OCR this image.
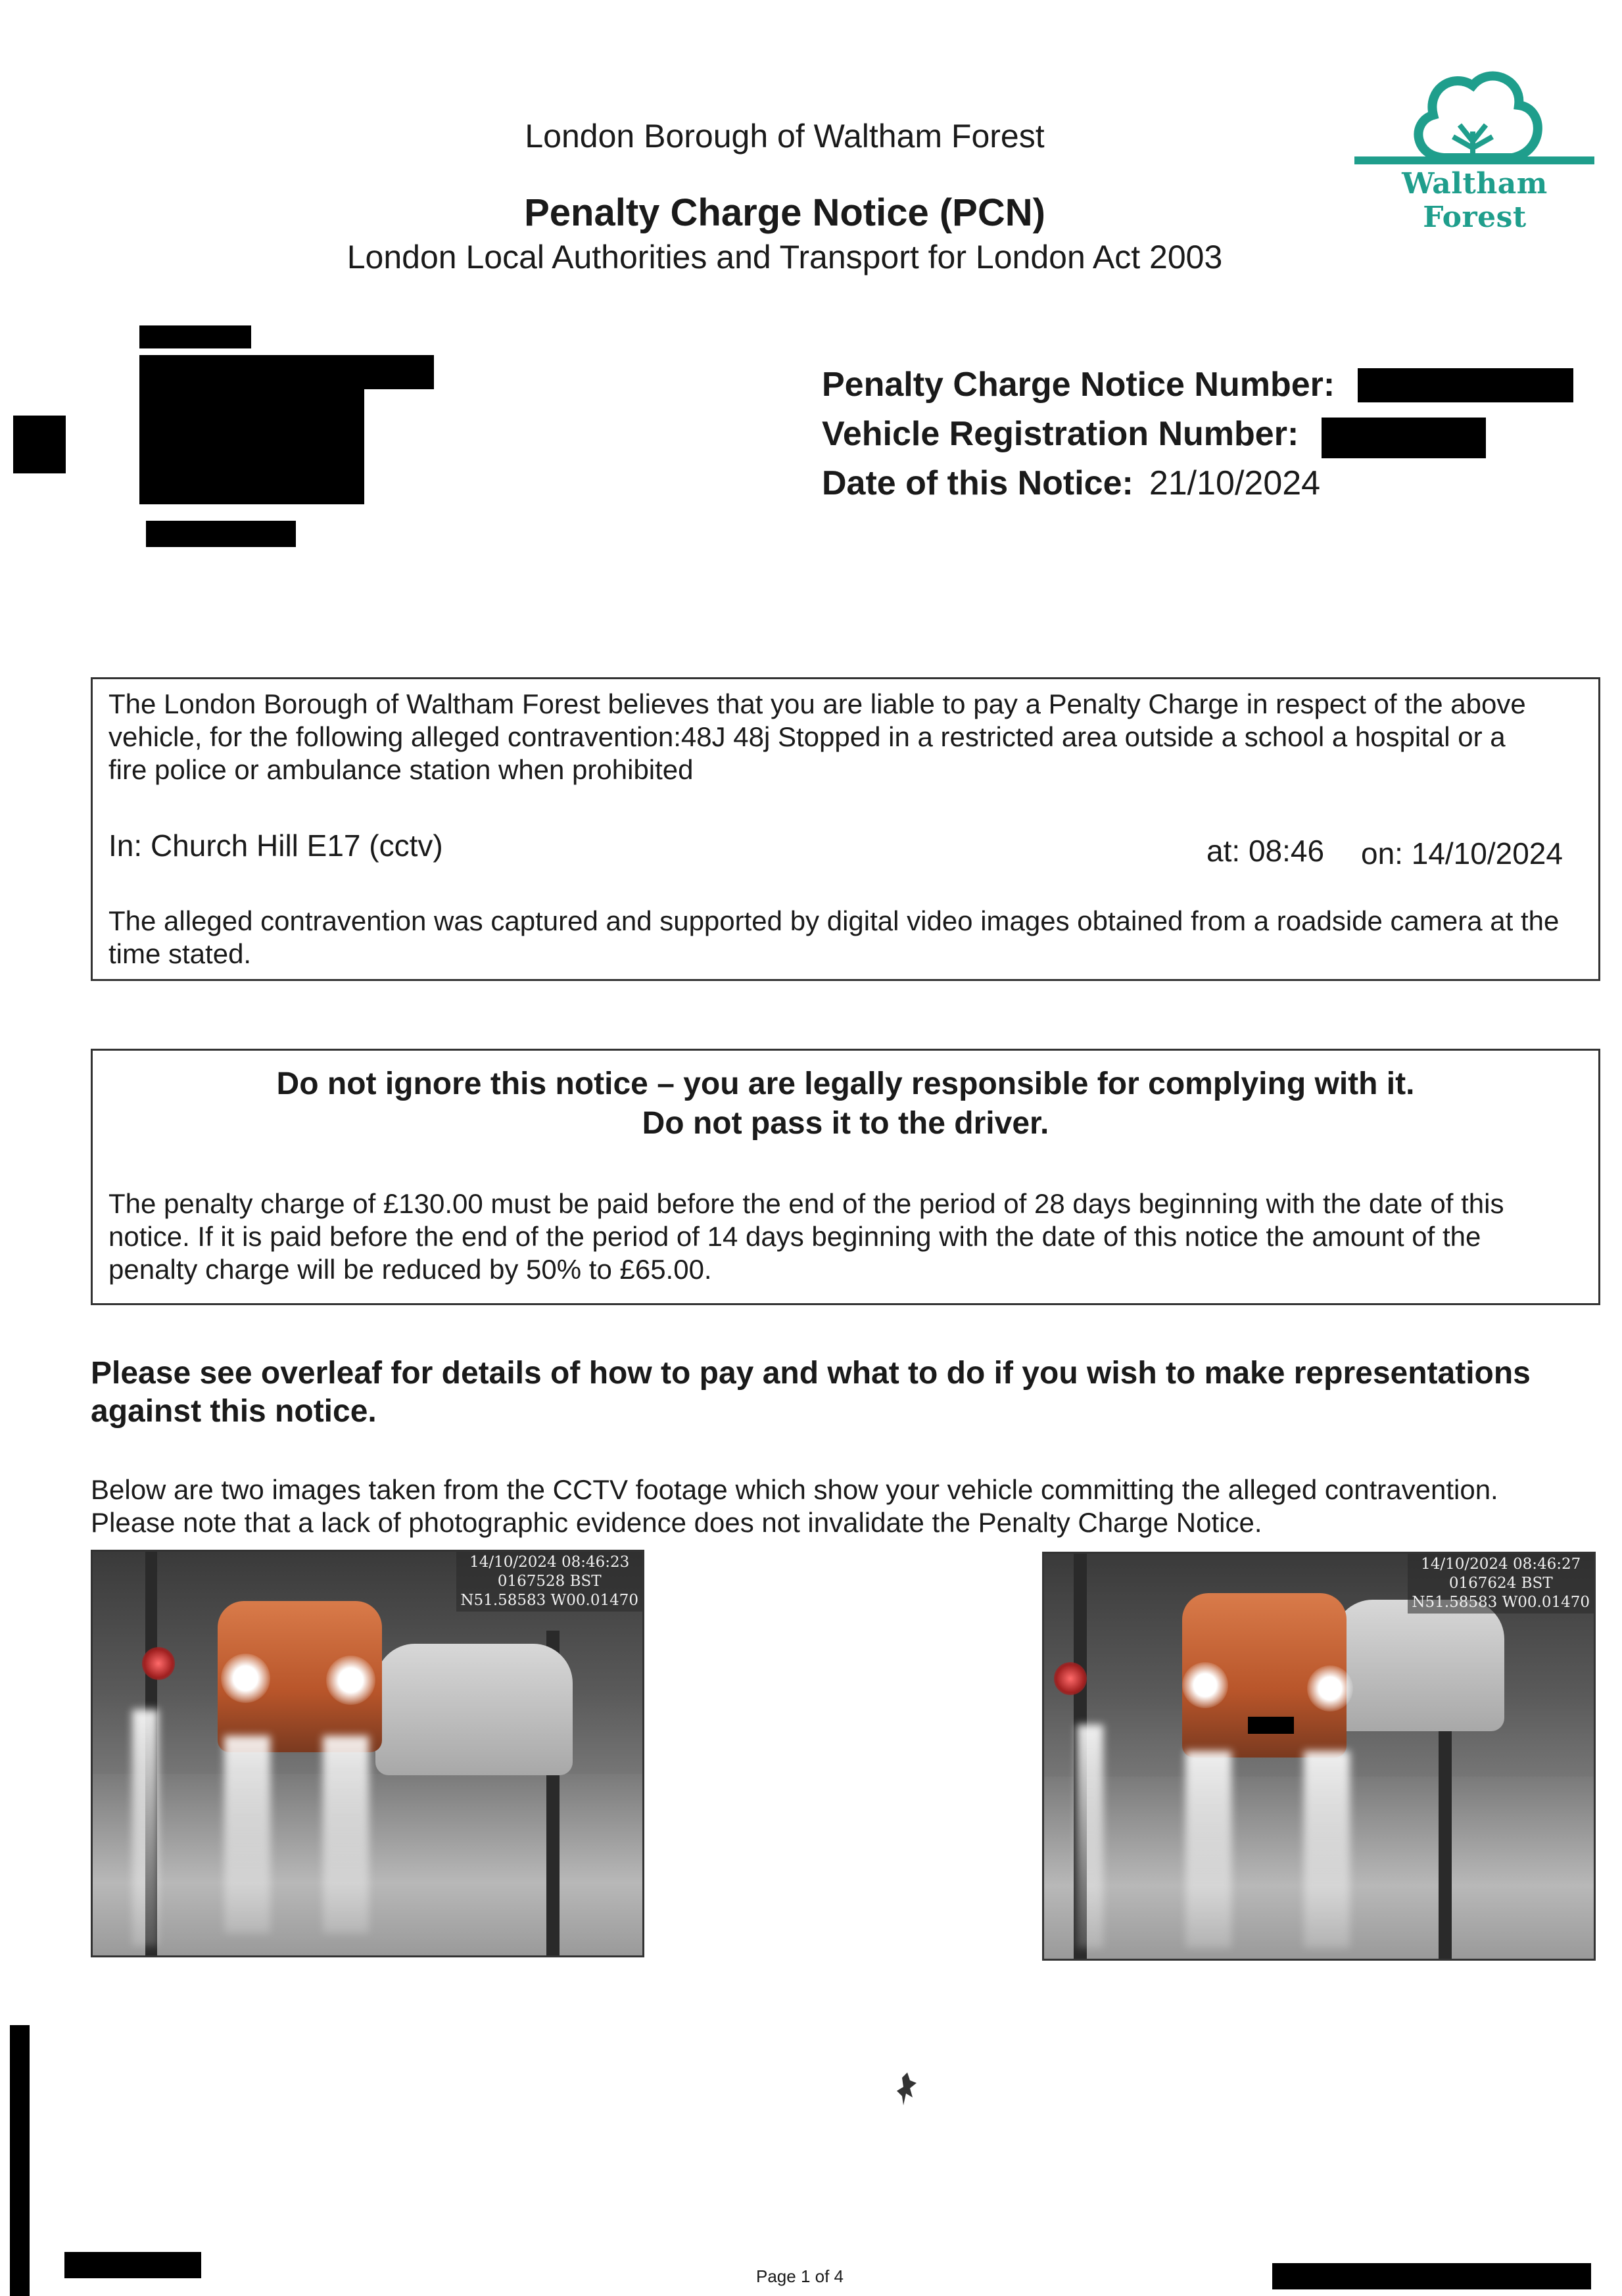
London Borough of Waltham Forest
Penalty Charge Notice (PCN)
London Local Authorities and Transport for London Act 2003
Waltham Forest
Penalty Charge Notice Number:
Vehicle Registration Number:
Date of this Notice: 21/10/2024
The London Borough of Waltham Forest believes that you are liable to pay a Penalty Charge in respect of the above
vehicle, for the following alleged contravention:48J 48j Stopped in a restricted area outside a school a hospital or a
fire police or ambulance station when prohibited
In: Church Hill E17 (cctv)	at: 08:46 on: 14/10/2024
The alleged contravention was captured and supported by digital video images obtained from a roadside camera at the
time stated.
Do not ignore this notice – you are legally responsible for complying with it.
Do not pass it to the driver.
The penalty charge of £130.00 must be paid before the end of the period of 28 days beginning with the date of this
notice. If it is paid before the end of the period of 14 days beginning with the date of this notice the amount of the
penalty charge will be reduced by 50% to £65.00.
Please see overleaf for details of how to pay and what to do if you wish to make representations
against this notice.
Below are two images taken from the CCTV footage which show your vehicle committing the alleged contravention.
Please note that a lack of photographic evidence does not invalidate the Penalty Charge Notice.
14/10/2024 08:46:23
0167528 BST
N51.58583 W00.01470
14/10/2024 08:46:27
0167624 BST
N51.58583 W00.01470
Page 1 of 4
